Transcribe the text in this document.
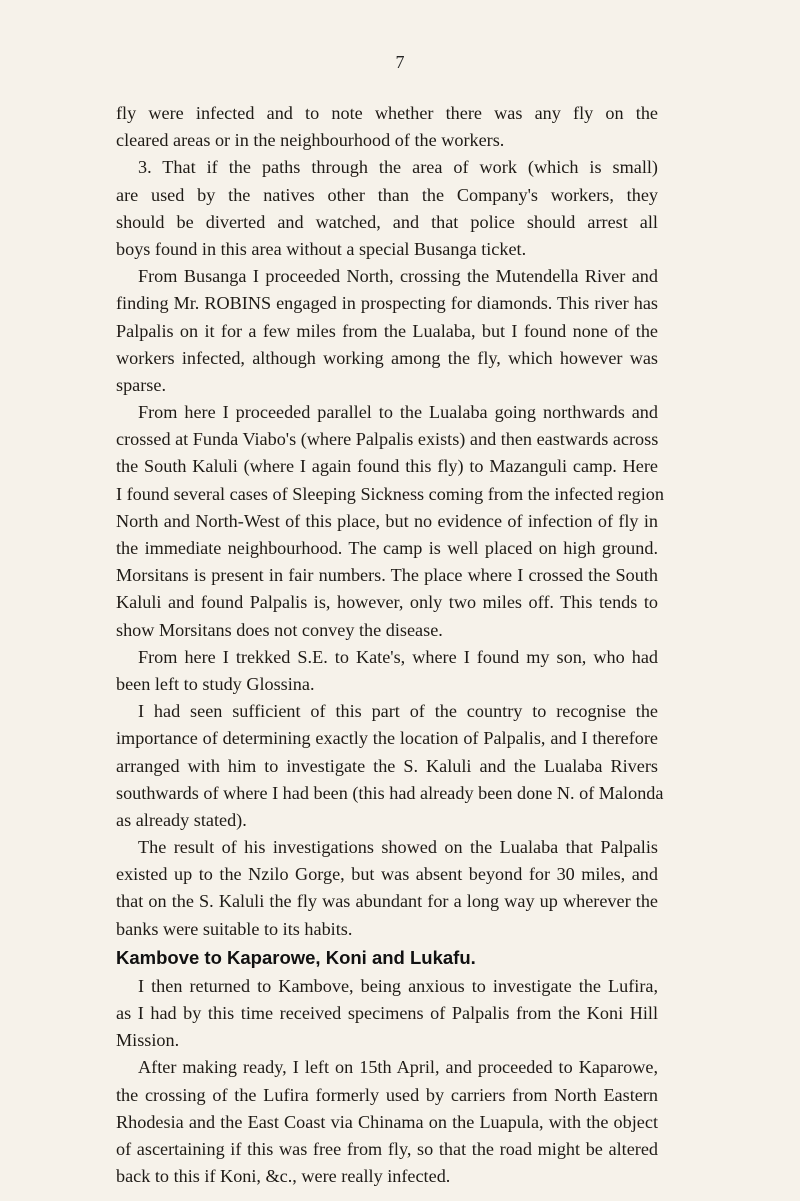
7
fly were infected and to note whether there was any fly on the
cleared areas or in the neighbourhood of the workers.
3. That if the paths through the area of work (which is small)
are used by the natives other than the Company's workers, they
should be diverted and watched, and that police should arrest all
boys found in this area without a special Busanga ticket.
From Busanga I proceeded North, crossing the Mutendella River and
finding Mr. ROBINS engaged in prospecting for diamonds. This river has
Palpalis on it for a few miles from the Lualaba, but I found none of the
workers infected, although working among the fly, which however was
sparse.
From here I proceeded parallel to the Lualaba going northwards and
crossed at Funda Viabo's (where Palpalis exists) and then eastwards across
the South Kaluli (where I again found this fly) to Mazanguli camp. Here
I found several cases of Sleeping Sickness coming from the infected region
North and North-West of this place, but no evidence of infection of fly in
the immediate neighbourhood. The camp is well placed on high ground.
Morsitans is present in fair numbers. The place where I crossed the South
Kaluli and found Palpalis is, however, only two miles off. This tends to
show Morsitans does not convey the disease.
From here I trekked S.E. to Kate's, where I found my son, who had
been left to study Glossina.
I had seen sufficient of this part of the country to recognise the
importance of determining exactly the location of Palpalis, and I therefore
arranged with him to investigate the S. Kaluli and the Lualaba Rivers
southwards of where I had been (this had already been done N. of Malonda
as already stated).
The result of his investigations showed on the Lualaba that Palpalis
existed up to the Nzilo Gorge, but was absent beyond for 30 miles, and
that on the S. Kaluli the fly was abundant for a long way up wherever the
banks were suitable to its habits.
Kambove to Kaparowe, Koni and Lukafu.
I then returned to Kambove, being anxious to investigate the Lufira,
as I had by this time received specimens of Palpalis from the Koni Hill
Mission.
After making ready, I left on 15th April, and proceeded to Kaparowe,
the crossing of the Lufira formerly used by carriers from North Eastern
Rhodesia and the East Coast via Chinama on the Luapula, with the object
of ascertaining if this was free from fly, so that the road might be altered
back to this if Koni, &c., were really infected.
